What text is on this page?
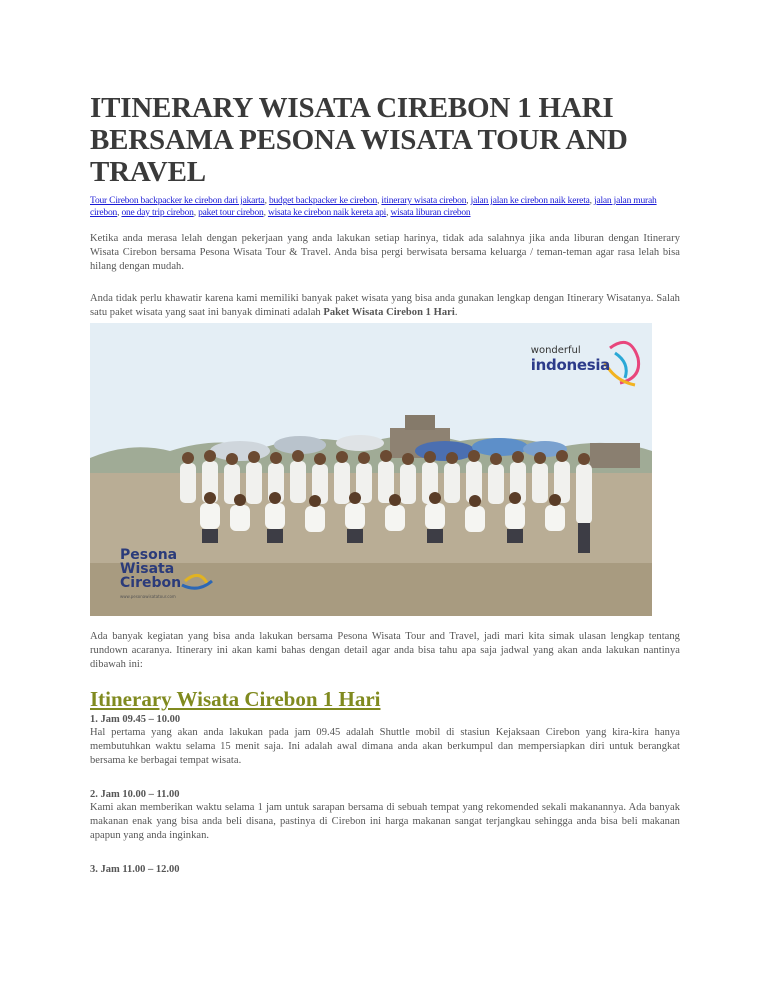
ITINERARY WISATA CIREBON 1 HARI
BERSAMA PESONA WISATA TOUR AND
TRAVEL
Tour Cirebon backpacker ke cirebon dari jakarta, budget backpacker ke cirebon, itinerary wisata cirebon, jalan jalan ke cirebon naik kereta, jalan jalan murah cirebon, one day trip cirebon, paket tour cirebon, wisata ke cirebon naik kereta api, wisata liburan cirebon

Ketika anda merasa lelah dengan pekerjaan yang anda lakukan setiap harinya, tidak ada salahnya jika anda liburan dengan Itinerary Wisata Cirebon bersama Pesona Wisata Tour & Travel. Anda bisa pergi berwisata bersama keluarga / teman-teman agar rasa lelah bisa hilang dengan mudah.

Anda tidak perlu khawatir karena kami memiliki banyak paket wisata yang bisa anda gunakan lengkap dengan Itinerary Wisatanya. Salah satu paket wisata yang saat ini banyak diminati adalah Paket Wisata Cirebon 1 Hari.

wonderful
indonesia
Pesona
Wisata
Cirebon
www.pesonawisatatour.com

Ada banyak kegiatan yang bisa anda lakukan bersama Pesona Wisata Tour and Travel, jadi mari kita simak ulasan lengkap tentang rundown acaranya. Itinerary ini akan kami bahas dengan detail agar anda bisa tahu apa saja jadwal yang akan anda lakukan nantinya dibawah ini:

Itinerary Wisata Cirebon 1 Hari
1. Jam 09.45 – 10.00

Hal pertama yang akan anda lakukan pada jam 09.45 adalah Shuttle mobil di stasiun Kejaksaan Cirebon yang kira-kira hanya membutuhkan waktu selama 15 menit saja. Ini adalah awal dimana anda akan berkumpul dan mempersiapkan diri untuk berangkat bersama ke berbagai tempat wisata.

2. Jam 10.00 – 11.00

Kami akan memberikan waktu selama 1 jam untuk sarapan bersama di sebuah tempat yang rekomended sekali makanannya. Ada banyak makanan enak yang bisa anda beli disana, pastinya di Cirebon ini harga makanan sangat terjangkau sehingga anda bisa beli makanan apapun yang anda inginkan.

3. Jam 11.00 – 12.00
